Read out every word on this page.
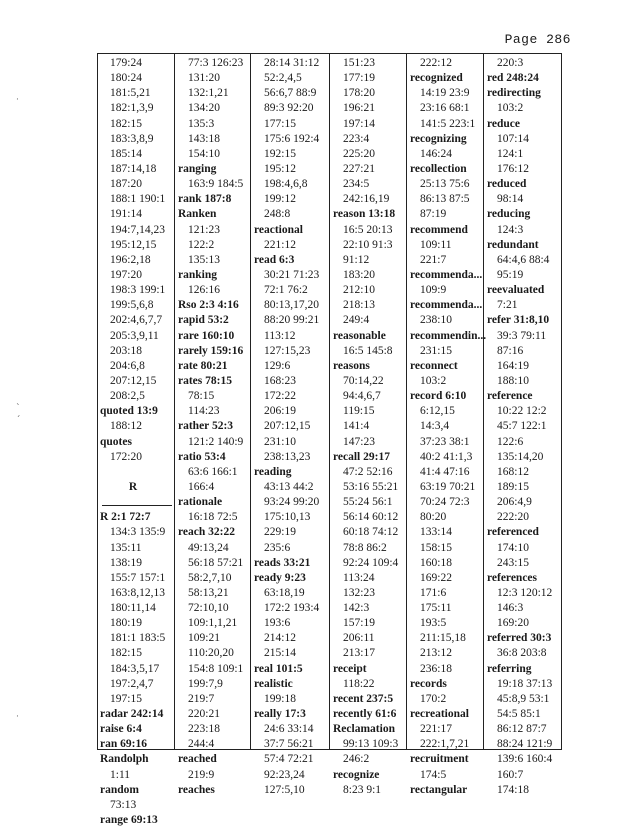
Page 286
·
ˎ
ˏ
·
179:24
180:24
181:5,21
182:1,3,9
182:15
183:3,8,9
185:14
187:14,18
187:20
188:1 190:1
191:14
194:7,14,23
195:12,15
196:2,18
197:20
198:3 199:1
199:5,6,8
202:4,6,7,7
205:3,9,11
203:18
204:6,8
207:12,15
208:2,5
quoted 13:9
188:12
quotes
172:20
R
R 2:1 72:7
134:3 135:9
135:11
138:19
155:7 157:1
163:8,12,13
180:11,14
180:19
181:1 183:5
182:15
184:3,5,17
197:2,4,7
197:15
radar 242:14
raise 6:4
ran 69:16
Randolph
1:11
random
73:13
range 69:13
77:3 126:23
131:20
132:1,21
134:20
135:3
143:18
154:10
ranging
163:9 184:5
rank 187:8
Ranken
121:23
122:2
135:13
ranking
126:16
Rso 2:3 4:16
rapid 53:2
rare 160:10
rarely 159:16
rate 80:21
rates 78:15
78:15
114:23
rather 52:3
121:2 140:9
ratio 53:4
63:6 166:1
166:4
rationale
16:18 72:5
reach 32:22
49:13,24
56:18 57:21
58:2,7,10
58:13,21
72:10,10
109:1,1,21
109:21
110:20,20
154:8 109:1
199:7,9
219:7
220:21
223:18
244:4
reached
219:9
reaches
28:14 31:12
52:2,4,5
56:6,7 88:9
89:3 92:20
177:15
175:6 192:4
192:15
195:12
198:4,6,8
199:12
248:8
reactional
221:12
read 6:3
30:21 71:23
72:1 76:2
80:13,17,20
88:20 99:21
113:12
127:15,23
129:6
168:23
172:22
206:19
207:12,15
231:10
238:13,23
reading
43:13 44:2
93:24 99:20
175:10,13
229:19
235:6
reads 33:21
ready 9:23
63:18,19
172:2 193:4
193:6
214:12
215:14
real 101:5
realistic
199:18
really 17:3
24:6 33:14
37:7 56:21
57:4 72:21
92:23,24
127:5,10
151:23
177:19
178:20
196:21
197:14
223:4
225:20
227:21
234:5
242:16,19
reason 13:18
16:5 20:13
22:10 91:3
91:12
183:20
212:10
218:13
249:4
reasonable
16:5 145:8
reasons
70:14,22
94:4,6,7
119:15
141:4
147:23
recall 29:17
47:2 52:16
53:16 55:21
55:24 56:1
56:14 60:12
60:18 74:12
78:8 86:2
92:24 109:4
113:24
132:23
142:3
157:19
206:11
213:17
receipt
118:22
recent 237:5
recently 61:6
Reclamation
99:13 109:3
246:2
recognize
8:23 9:1
222:12
recognized
14:19 23:9
23:16 68:1
141:5 223:1
recognizing
146:24
recollection
25:13 75:6
86:13 87:5
87:19
recommend
109:11
221:7
recommenda...
109:9
recommenda...
238:10
recommendin...
231:15
reconnect
103:2
record 6:10
6:12,15
14:3,4
37:23 38:1
40:2 41:1,3
41:4 47:16
63:19 70:21
70:24 72:3
80:20
133:14
158:15
160:18
169:22
171:6
175:11
193:5
211:15,18
213:12
236:18
records
170:2
recreational
221:17
222:1,7,21
recruitment
174:5
rectangular
220:3
red 248:24
redirecting
103:2
reduce
107:14
124:1
176:12
reduced
98:14
reducing
124:3
redundant
64:4,6 88:4
95:19
reevaluated
7:21
refer 31:8,10
39:3 79:11
87:16
164:19
188:10
reference
10:22 12:2
45:7 122:1
122:6
135:14,20
168:12
189:15
206:4,9
222:20
referenced
174:10
243:15
references
12:3 120:12
146:3
169:20
referred 30:3
36:8 203:8
referring
19:18 37:13
45:8,9 53:1
54:5 85:1
86:12 87:7
88:24 121:9
139:6 160:4
160:7
174:18
